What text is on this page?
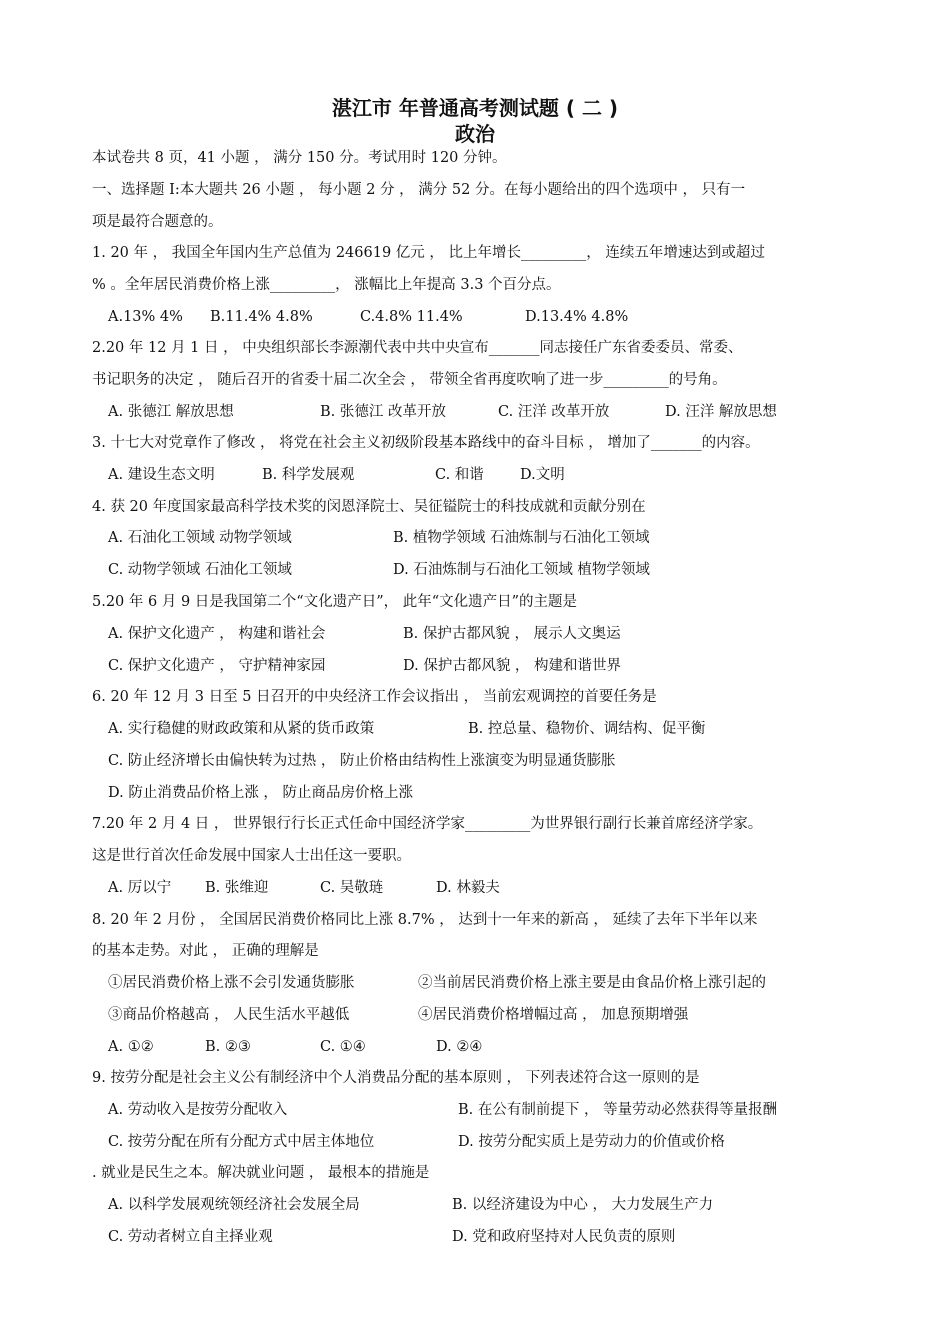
湛江市 年普通高考测试题 ( 二 )
政治
本试卷共 8 页，41 小题 ， 满分 150 分。考试用时 120 分钟。
一、选择题 I:本大题共 26 小题 ， 每小题 2 分 ， 满分 52 分。在每小题给出的四个选项中 ， 只有一
项是最符合题意的。
1. 20 年 ， 我国全年国内生产总值为 246619 亿元 ， 比上年增长_________， 连续五年增速达到或超过
% 。全年居民消费价格上涨_________， 涨幅比上年提高 3.3 个百分点。
A.13% 4% B.11.4% 4.8%	C.4.8% 11.4%	D.13.4% 4.8%
2.20 年 12 月 1 日 ， 中央组织部长李源潮代表中共中央宣布_______同志接任广东省委委员、常委、
书记职务的决定 ， 随后召开的省委十届二次全会 ， 带领全省再度吹响了进一步_________的号角。
A. 张德江 解放思想	B. 张德江 改革开放	C. 汪洋 改革开放	D. 汪洋 解放思想
3. 十七大对党章作了修改 ， 将党在社会主义初级阶段基本路线中的奋斗目标 ， 增加了_______的内容。
A. 建设生态文明	B. 科学发展观	C. 和谐 D.文明
4. 获 20 年度国家最高科学技术奖的闵恩泽院士、吴征镒院士的科技成就和贡献分别在
A. 石油化工领域 动物学领域	B. 植物学领域 石油炼制与石油化工领域
C. 动物学领域 石油化工领域	D. 石油炼制与石油化工领域 植物学领域
5.20 年 6 月 9 日是我国第二个“文化遗产日”， 此年“文化遗产日”的主题是
A. 保护文化遗产 ， 构建和谐社会	B. 保护古都风貌 ， 展示人文奥运
C. 保护文化遗产 ， 守护精神家园	D. 保护古都风貌 ， 构建和谐世界
6. 20 年 12 月 3 日至 5 日召开的中央经济工作会议指出 ， 当前宏观调控的首要任务是
A. 实行稳健的财政政策和从紧的货币政策	B. 控总量、稳物价、调结构、促平衡
C. 防止经济增长由偏快转为过热 ， 防止价格由结构性上涨演变为明显通货膨胀
D. 防止消费品价格上涨 ， 防止商品房价格上涨
7.20 年 2 月 4 日 ， 世界银行行长正式任命中国经济学家_________为世界银行副行长兼首席经济学家。
这是世行首次任命发展中国家人士出任这一要职。
A. 厉以宁 B. 张维迎	C. 吴敬琏	D. 林毅夫
8. 20 年 2 月份 ， 全国居民消费价格同比上涨 8.7% ， 达到十一年来的新高 ， 延续了去年下半年以来
的基本走势。对此 ， 正确的理解是
①居民消费价格上涨不会引发通货膨胀	②当前居民消费价格上涨主要是由食品价格上涨引起的
③商品价格越高 ， 人民生活水平越低	④居民消费价格增幅过高 ， 加息预期增强
A. ①②	B. ②③	C. ①④	D. ②④
9. 按劳分配是社会主义公有制经济中个人消费品分配的基本原则 ， 下列表述符合这一原则的是
A. 劳动收入是按劳分配收入	B. 在公有制前提下 ， 等量劳动必然获得等量报酬
C. 按劳分配在所有分配方式中居主体地位	D. 按劳分配实质上是劳动力的价值或价格
. 就业是民生之本。解决就业问题 ， 最根本的措施是
A. 以科学发展观统领经济社会发展全局	B. 以经济建设为中心 ， 大力发展生产力
C. 劳动者树立自主择业观	D. 党和政府坚持对人民负责的原则
